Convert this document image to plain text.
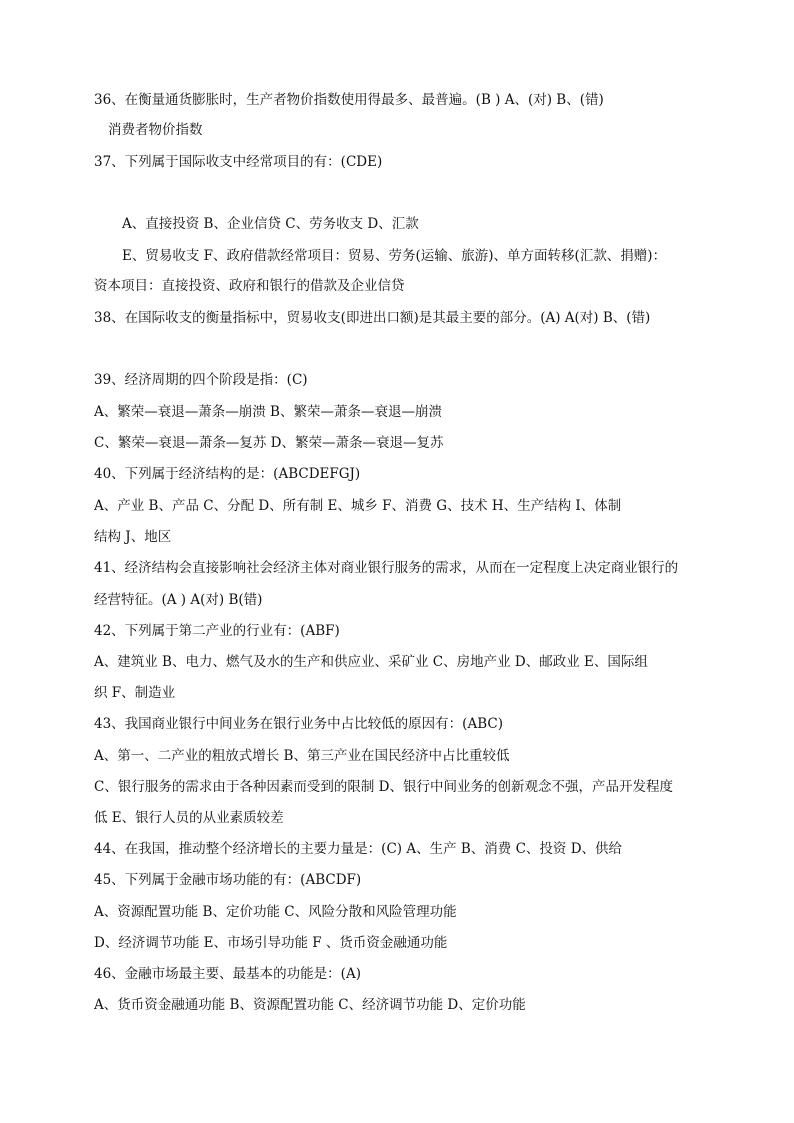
36、在衡量通货膨胀时，生产者物价指数使用得最多、最普遍。(B ) A、(对) B、(错)
消费者物价指数
37、下列属于国际收支中经常项目的有：(CDE)
A、直接投资 B、企业信贷 C、劳务收支 D、汇款
E、贸易收支 F、政府借款经常项目：贸易、劳务(运输、旅游)、单方面转移(汇款、捐赠)：
资本项目：直接投资、政府和银行的借款及企业信贷
38、在国际收支的衡量指标中，贸易收支(即进出口额)是其最主要的部分。(A) A(对) B、(错)
39、经济周期的四个阶段是指：(C)
A、繁荣—衰退—萧条—崩溃 B、繁荣—萧条—衰退—崩溃
C、繁荣—衰退—萧条—复苏 D、繁荣—萧条—衰退—复苏
40、下列属于经济结构的是：(ABCDEFGJ)
A、产业 B、产品 C、分配 D、所有制 E、城乡 F、消费 G、技术 H、生产结构 I、体制
结构 J、地区
41、经济结构会直接影响社会经济主体对商业银行服务的需求，从而在一定程度上决定商业银行的
经营特征。(A ) A(对) B(错)
42、下列属于第二产业的行业有：(ABF)
A、建筑业 B、电力、燃气及水的生产和供应业、采矿业 C、房地产业 D、邮政业 E、国际组
织 F、制造业
43、我国商业银行中间业务在银行业务中占比较低的原因有：(ABC)
A、第一、二产业的粗放式增长 B、第三产业在国民经济中占比重较低
C、银行服务的需求由于各种因素而受到的限制 D、银行中间业务的创新观念不强，产品开发程度
低 E、银行人员的从业素质较差
44、在我国，推动整个经济增长的主要力量是：(C) A、生产 B、消费 C、投资 D、供给
45、下列属于金融市场功能的有：(ABCDF)
A、资源配置功能 B、定价功能 C、风险分散和风险管理功能
D、经济调节功能 E、市场引导功能 F 、货币资金融通功能
46、金融市场最主要、最基本的功能是：(A)
A、货币资金融通功能 B、资源配置功能 C、经济调节功能 D、定价功能
